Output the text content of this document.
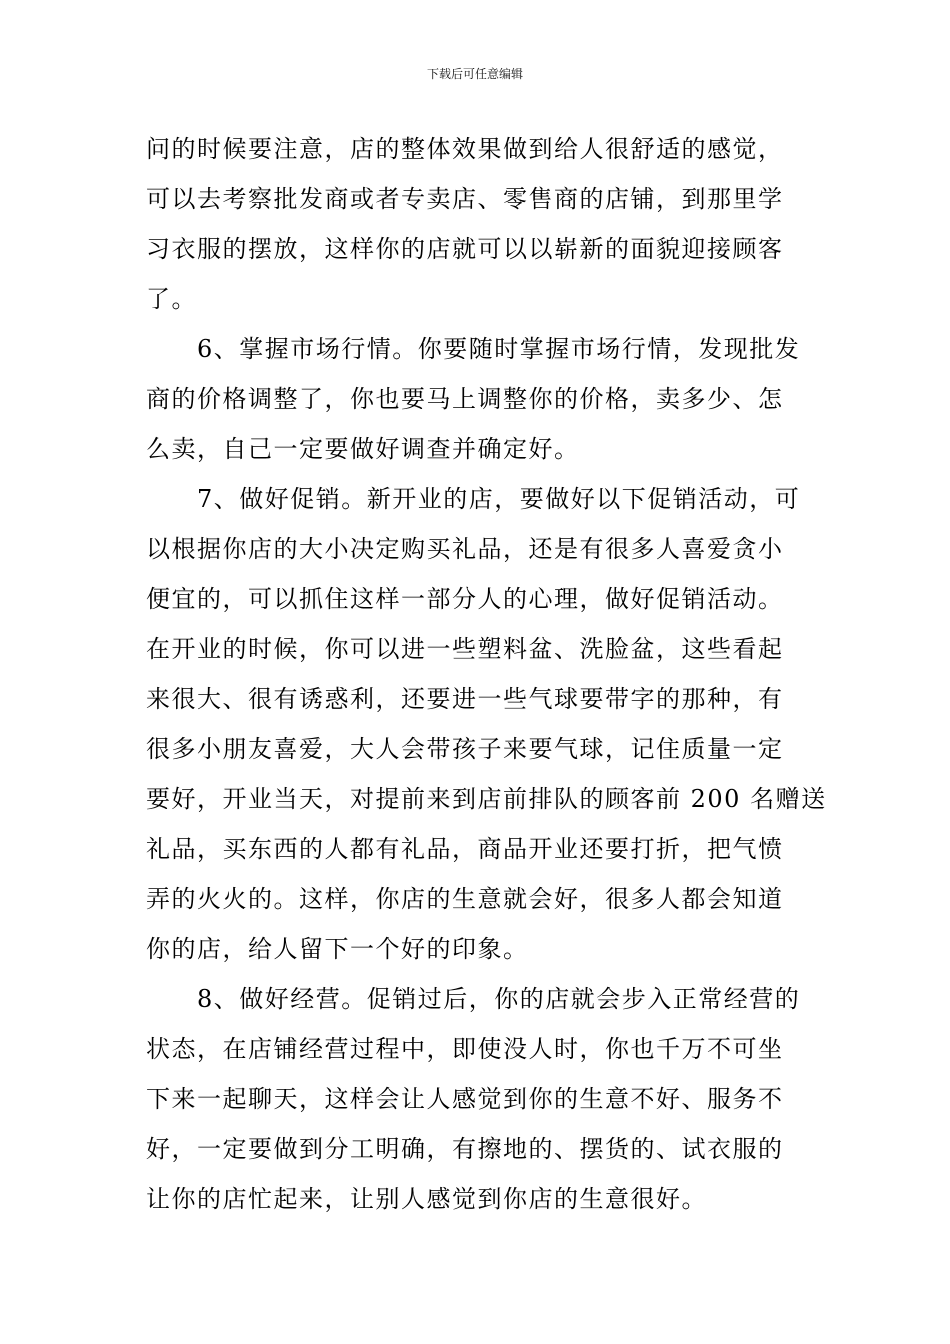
下载后可任意编辑
问的时候要注意，店的整体效果做到给人很舒适的感觉，
可以去考察批发商或者专卖店、零售商的店铺，到那里学
习衣服的摆放，这样你的店就可以以崭新的面貌迎接顾客
了。
　　6、掌握市场行情。你要随时掌握市场行情，发现批发
商的价格调整了，你也要马上调整你的价格，卖多少、怎
么卖，自己一定要做好调查并确定好。
　　7、做好促销。新开业的店，要做好以下促销活动，可
以根据你店的大小决定购买礼品，还是有很多人喜爱贪小
便宜的，可以抓住这样一部分人的心理，做好促销活动。
在开业的时候，你可以进一些塑料盆、洗脸盆，这些看起
来很大、很有诱惑利，还要进一些气球要带字的那种，有
很多小朋友喜爱，大人会带孩子来要气球，记住质量一定
要好，开业当天，对提前来到店前排队的顾客前 200 名赠送
礼品，买东西的人都有礼品，商品开业还要打折，把气愤
弄的火火的。这样，你店的生意就会好，很多人都会知道
你的店，给人留下一个好的印象。
　　8、做好经营。促销过后，你的店就会步入正常经营的
状态，在店铺经营过程中，即使没人时，你也千万不可坐
下来一起聊天，这样会让人感觉到你的生意不好、服务不
好，一定要做到分工明确，有擦地的、摆货的、试衣服的
让你的店忙起来，让别人感觉到你店的生意很好。
